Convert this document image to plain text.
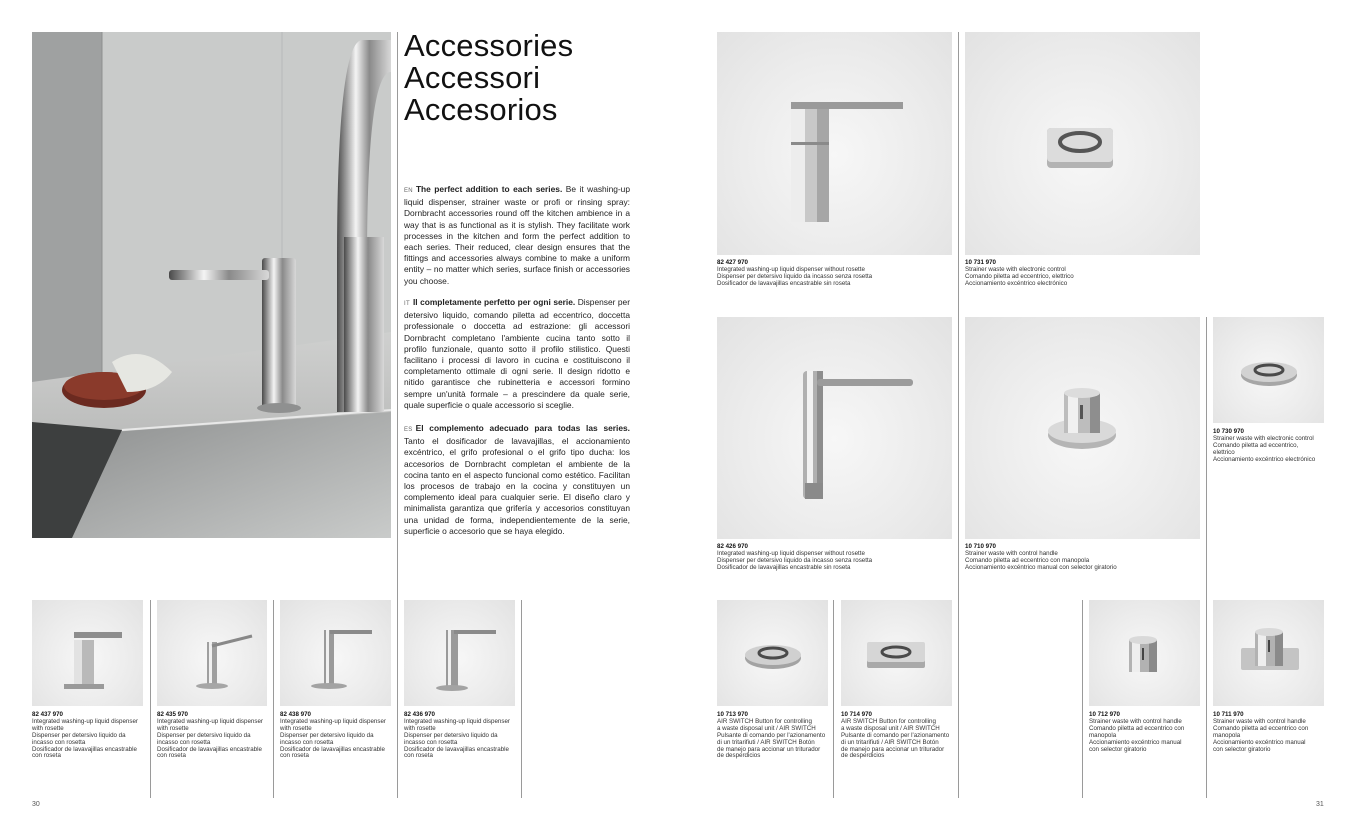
Accessories
Accessori
Accesorios
EN The perfect addition to each series. Be it washing-up liquid dispenser, strainer waste or profi or rinsing spray: Dornbracht accessories round off the kitchen ambience in a way that is as functional as it is stylish. They facilitate work processes in the kitchen and form the perfect addition to each series. Their reduced, clear design ensures that the fittings and accessories always combine to make a uniform entity – no matter which series, surface finish or accessories you choose.
IT Il completamente perfetto per ogni serie. Dispenser per detersivo liquido, comando piletta ad eccentrico, doccetta professionale o doccetta ad estrazione: gli accessori Dornbracht completano l'ambiente cucina tanto sotto il profilo funzionale, quanto sotto il profilo stilistico. Questi facilitano i processi di lavoro in cucina e costituiscono il completamento ottimale di ogni serie. Il design ridotto e nitido garantisce che rubinetteria e accessori formino sempre un'unità formale – a prescindere da quale serie, quale superficie o quale accessorio si sceglie.
ES El complemento adecuado para todas las series. Tanto el dosificador de lavavajillas, el accionamiento excéntrico, el grifo profesional o el grifo tipo ducha: los accesorios de Dornbracht completan el ambiente de la cocina tanto en el aspecto funcional como estético. Facilitan los procesos de trabajo en la cocina y constituyen un complemento ideal para cualquier serie. El diseño claro y minimalista garantiza que grifería y accesorios constituyan una unidad de forma, independientemente de la serie, superficie o accesorio que se haya elegido.
82 437 970
Integrated washing-up liquid dispenser
with rosette
Dispenser per detersivo liquido da
incasso con rosetta
Dosificador de lavavajillas encastrable
con roseta
82 435 970
Integrated washing-up liquid dispenser
with rosette
Dispenser per detersivo liquido da
incasso con rosetta
Dosificador de lavavajillas encastrable
con roseta
82 438 970
Integrated washing-up liquid dispenser
with rosette
Dispenser per detersivo liquido da
incasso con rosetta
Dosificador de lavavajillas encastrable
con roseta
82 436 970
Integrated washing-up liquid dispenser
with rosette
Dispenser per detersivo liquido da
incasso con rosetta
Dosificador de lavavajillas encastrable
con roseta
30
82 427 970
Integrated washing-up liquid dispenser without rosette
Dispenser per detersivo liquido da incasso senza rosetta
Dosificador de lavavajillas encastrable sin roseta
10 731 970
Strainer waste with electronic control
Comando piletta ad eccentrico, elettrico
Accionamiento excéntrico electrónico
82 426 970
Integrated washing-up liquid dispenser without rosette
Dispenser per detersivo liquido da incasso senza rosetta
Dosificador de lavavajillas encastrable sin roseta
10 710 970
Strainer waste with control handle
Comando piletta ad eccentrico con manopola
Accionamiento excéntrico manual con selector giratorio
10 730 970
Strainer waste with electronic control
Comando piletta ad eccentrico,
elettrico
Accionamiento excéntrico electrónico
10 713 970
AIR SWITCH Button for controlling
a waste disposal unit / AIR SWITCH
Pulsante di comando per l'azionamento
di un tritarifiuti / AIR SWITCH Botón
de manejo para accionar un triturador
de desperdicios
10 714 970
AIR SWITCH Button for controlling
a waste disposal unit / AIR SWITCH
Pulsante di comando per l'azionamento
di un tritarifiuti / AIR SWITCH Botón
de manejo para accionar un triturador
de desperdicios
10 712 970
Strainer waste with control handle
Comando piletta ad eccentrico con
manopola
Accionamiento excéntrico manual
con selector giratorio
10 711 970
Strainer waste with control handle
Comando piletta ad eccentrico con
manopola
Accionamiento excéntrico manual
con selector giratorio
31
